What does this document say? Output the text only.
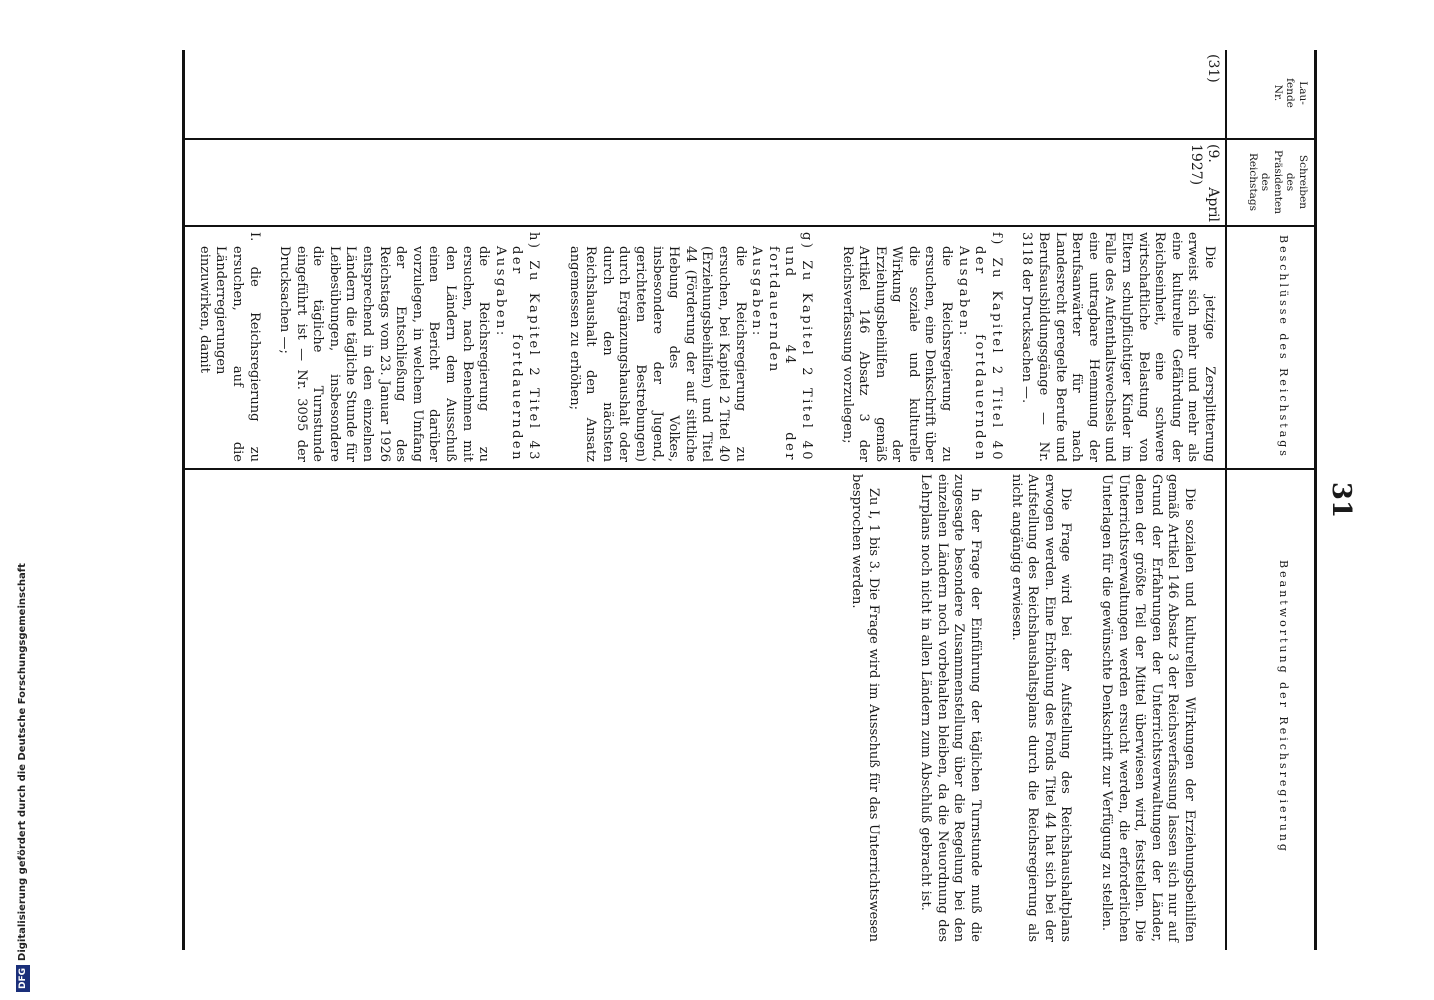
31
Lau-
fende
Nr.
Schreiben
des
Präsidenten
des
Reichstags
Beschlüsse des Reichstags
Beantwortung der Reichsregierung
(31)
(9. April 1927)

Die jetzige Zersplitterung erweist sich mehr und mehr als eine kulturelle Gefährdung der Reichseinheit, eine schwere wirtschaftliche Belastung von Eltern schulpflichtiger Kinder im Falle des Aufenthaltswechsels und eine untragbare Hemmung der Berufsanwärter für nach Landesrecht geregelte Berufe und Berufsausbildungsgänge — Nr. 3118 der Drucksachen —.

f) Zu Kapitel 2 Titel 40 der fortdauernden Ausgaben:
die Reichsregierung zu ersuchen, eine Denkschrift über die soziale und kulturelle Wirkung der Erziehungsbeihilfen gemäß Artikel 146 Absatz 3 der Reichsverfassung vorzulegen;
g) Zu Kapitel 2 Titel 40 und 44 der fortdauernden Ausgaben:
die Reichsregierung zu ersuchen, bei Kapitel 2 Titel 40 (Erziehungsbeihilfen) und Titel 44 (Förderung der auf sittliche Hebung des Volkes, insbesondere der Jugend, gerichteten Bestrebungen) durch Ergänzungshaushalt oder durch den nächsten Reichshaushalt den Ansatz angemessen zu erhöhen;
h) Zu Kapitel 2 Titel 43 der fortdauernden Ausgaben:
die Reichsregierung zu ersuchen, nach Benehmen mit den Ländern dem Ausschuß einen Bericht darüber vorzulegen, in welchem Umfang der Entschließung des Reichstags vom 23. Januar 1926 entsprechend in den einzelnen Ländern die tägliche Stunde für Leibesübungen, insbesondere die tägliche Turnstunde eingeführt ist — Nr. 3095 der Drucksachen —;

I. die Reichsregierung zu ersuchen, auf die Länderregierungen einzuwirken, damit

Die sozialen und kulturellen Wirkungen der Erziehungsbeihilfen gemäß Artikel 146 Absatz 3 der Reichsverfassung lassen sich nur auf Grund der Erfahrungen der Unterrichtsverwaltungen der Länder, denen der größte Teil der Mittel überwiesen wird, feststellen. Die Unterrichtsverwaltungen werden ersucht werden, die erforderlichen Unterlagen für die gewünschte Denkschrift zur Verfügung zu stellen.

Die Frage wird bei der Aufstellung des Reichshaushaltplans erwogen werden. Eine Erhöhung des Fonds Titel 44 hat sich bei der Aufstellung des Reichshaushaltsplans durch die Reichsregierung als nicht angängig erwiesen.

In der Frage der Einführung der täglichen Turnstunde muß die zugesagte besondere Zusammenstellung über die Regelung bei den einzelnen Ländern noch vorbehalten bleiben, da die Neuordnung des Lehrplans noch nicht in allen Ländern zum Abschluß gebracht ist.

Zu I, 1 bis 3. Die Frage wird im Ausschuß für das Unterrichtswesen besprochen werden.

DFGDigitalisierung gefördert durch die Deutsche Forschungsgemeinschaft
